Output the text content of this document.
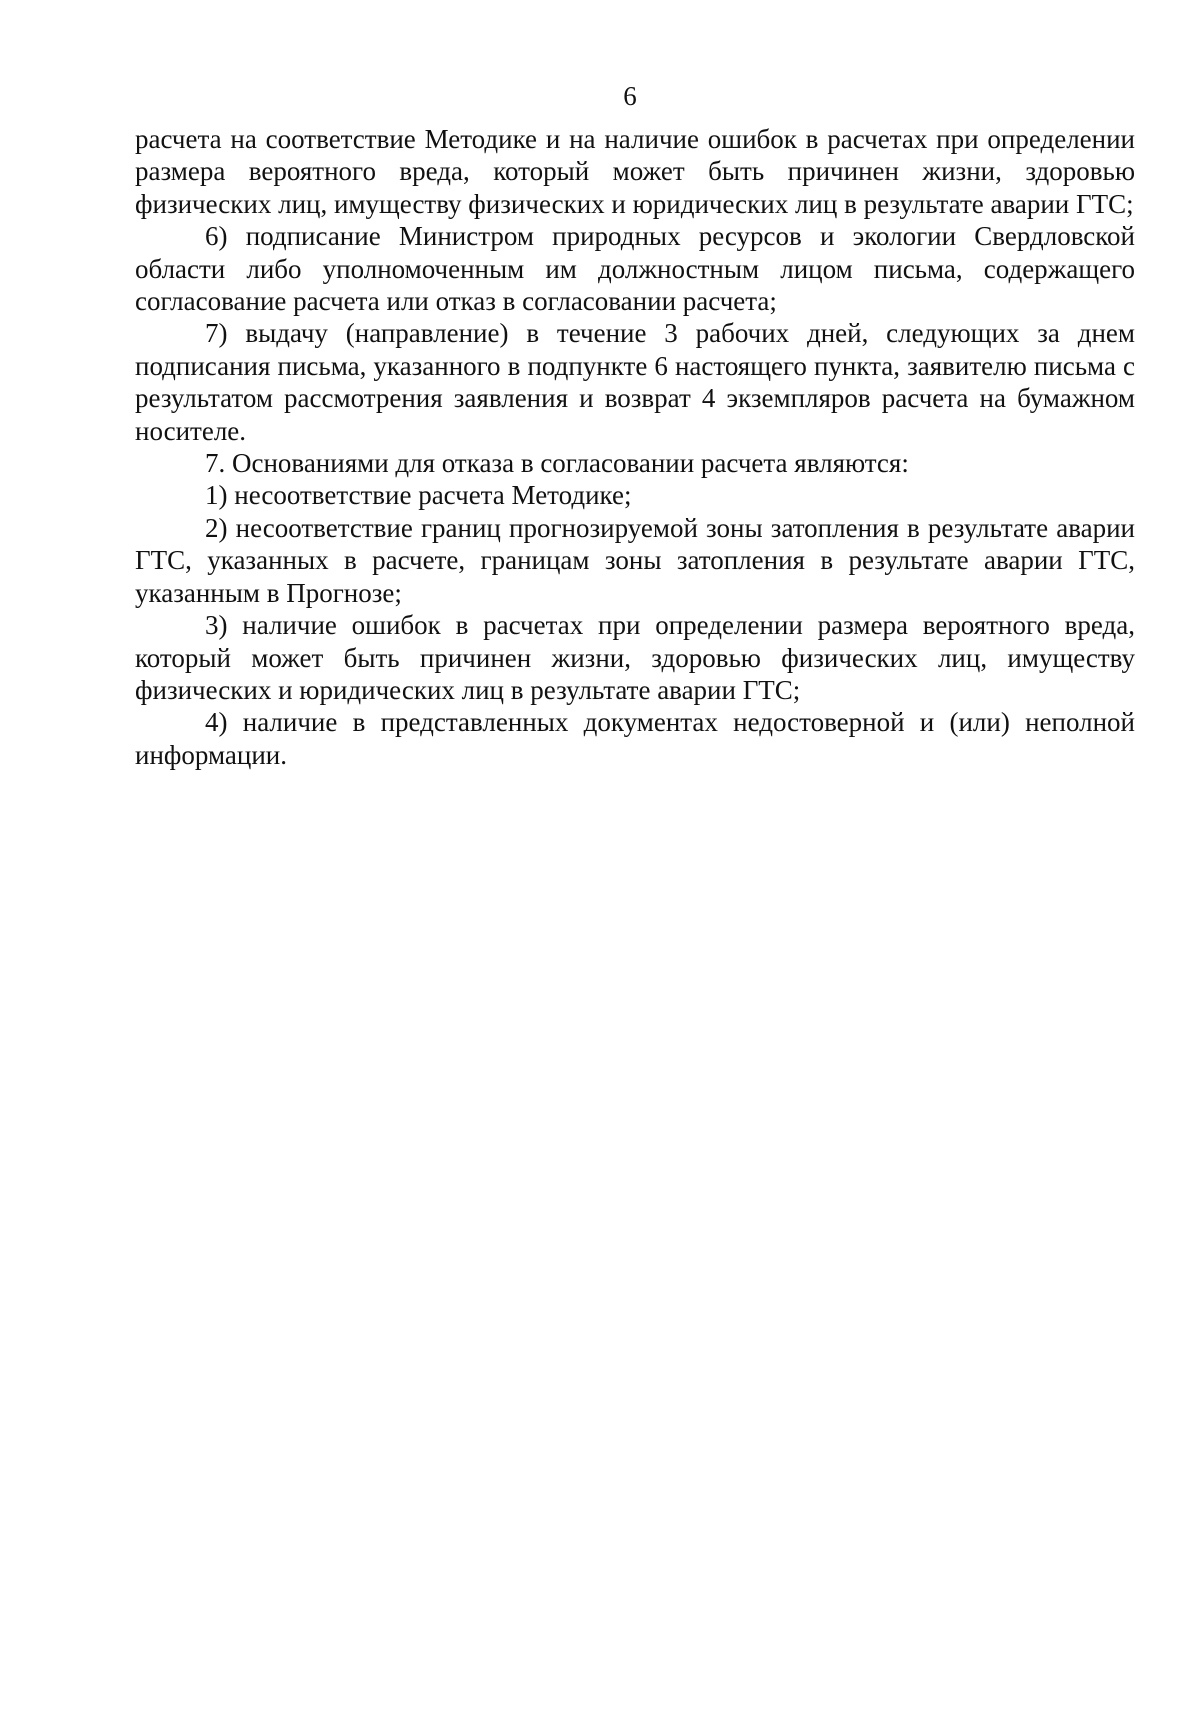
6

расчета на соответствие Методике и на наличие ошибок в расчетах при определении размера вероятного вреда, который может быть причинен жизни, здоровью физических лиц, имуществу физических и юридических лиц в результате аварии ГТС;

6) подписание Министром природных ресурсов и экологии Свердловской области либо уполномоченным им должностным лицом письма, содержащего согласование расчета или отказ в согласовании расчета;

7) выдачу (направление) в течение 3 рабочих дней, следующих за днем подписания письма, указанного в подпункте 6 настоящего пункта, заявителю письма с результатом рассмотрения заявления и возврат 4 экземпляров расчета на бумажном носителе.

7. Основаниями для отказа в согласовании расчета являются:

1) несоответствие расчета Методике;

2) несоответствие границ прогнозируемой зоны затопления в результате аварии ГТС, указанных в расчете, границам зоны затопления в результате аварии ГТС, указанным в Прогнозе;

3) наличие ошибок в расчетах при определении размера вероятного вреда, который может быть причинен жизни, здоровью физических лиц, имуществу физических и юридических лиц в результате аварии ГТС;

4) наличие в представленных документах недостоверной и (или) неполной информации.
